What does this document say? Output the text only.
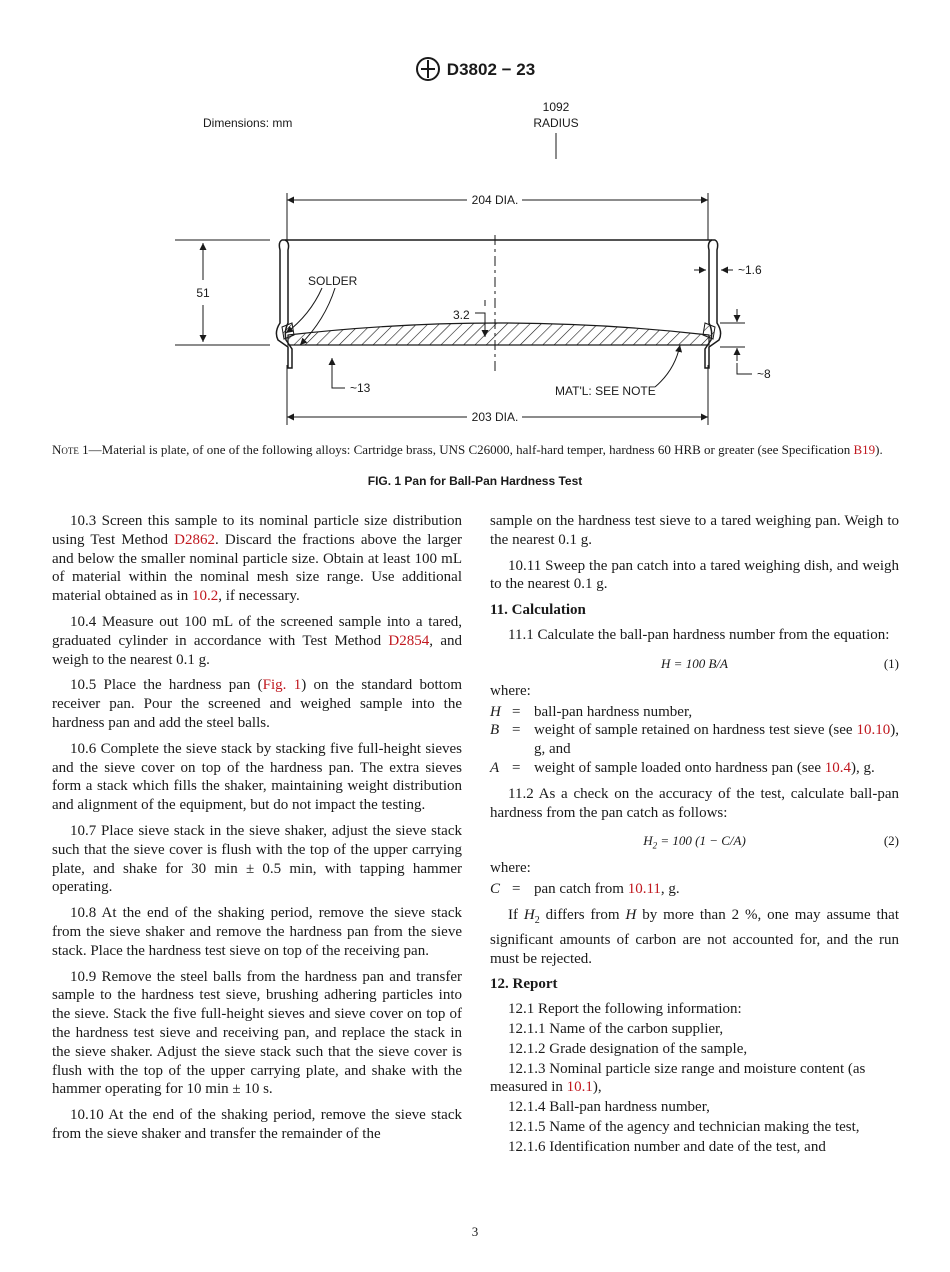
D3802 − 23
Dimensions: mm
1092
RADIUS
204 DIA.
51
SOLDER
3.2
~1.6
~8
~13	MAT'L: SEE NOTE
203 DIA.
Note 1—Material is plate, of one of the following alloys: Cartridge brass, UNS C26000, half-hard temper, hardness 60 HRB or greater (see Specification B19).
FIG. 1 Pan for Ball-Pan Hardness Test

10.3 Screen this sample to its nominal particle size distribution using Test Method D2862. Discard the fractions above the larger and below the smaller nominal particle size. Obtain at least 100 mL of material within the nominal mesh size range. Use additional material obtained as in 10.2, if necessary.

10.4 Measure out 100 mL of the screened sample into a tared, graduated cylinder in accordance with Test Method D2854, and weigh to the nearest 0.1 g.

10.5 Place the hardness pan (Fig. 1) on the standard bottom receiver pan. Pour the screened and weighed sample into the hardness pan and add the steel balls.

10.6 Complete the sieve stack by stacking five full-height sieves and the sieve cover on top of the hardness pan. The extra sieves form a stack which fills the shaker, maintaining weight distribution and alignment of the equipment, but do not impact the testing.

10.7 Place sieve stack in the sieve shaker, adjust the sieve stack such that the sieve cover is flush with the top of the upper carrying plate, and shake for 30 min ± 0.5 min, with tapping hammer operating.

10.8 At the end of the shaking period, remove the sieve stack from the sieve shaker and remove the hardness pan from the sieve stack. Place the hardness test sieve on top of the receiving pan.

10.9 Remove the steel balls from the hardness pan and transfer sample to the hardness test sieve, brushing adhering particles into the sieve. Stack the five full-height sieves and sieve cover on top of the hardness test sieve and receiving pan, and replace the stack in the sieve shaker. Adjust the sieve stack such that the sieve cover is flush with the top of the upper carrying plate, and shake with the hammer operating for 10 min ± 10 s.

10.10 At the end of the shaking period, remove the sieve stack from the sieve shaker and transfer the remainder of the

sample on the hardness test sieve to a tared weighing pan. Weigh to the nearest 0.1 g.

10.11 Sweep the pan catch into a tared weighing dish, and weigh to the nearest 0.1 g.

11. Calculation

11.1 Calculate the ball-pan hardness number from the equation:

H = 100 B/A	(1)

where:

H = ball-pan hardness number,
B = weight of sample retained on hardness test sieve (see 10.10), g, and
A = weight of sample loaded onto hardness pan (see 10.4), g.

11.2 As a check on the accuracy of the test, calculate ball-pan hardness from the pan catch as follows:

$H_2 = 100$ (1 − C/A)	(2)

where:

C = pan catch from 10.11, g.

If $H_2$ differs from H by more than 2 %, one may assume that significant amounts of carbon are not accounted for, and the run must be rejected.

12. Report

12.1 Report the following information:

12.1.1 Name of the carbon supplier,

12.1.2 Grade designation of the sample,

12.1.3 Nominal particle size range and moisture content (as measured in 10.1),

12.1.4 Ball-pan hardness number,

12.1.5 Name of the agency and technician making the test,

12.1.6 Identification number and date of the test, and

3
